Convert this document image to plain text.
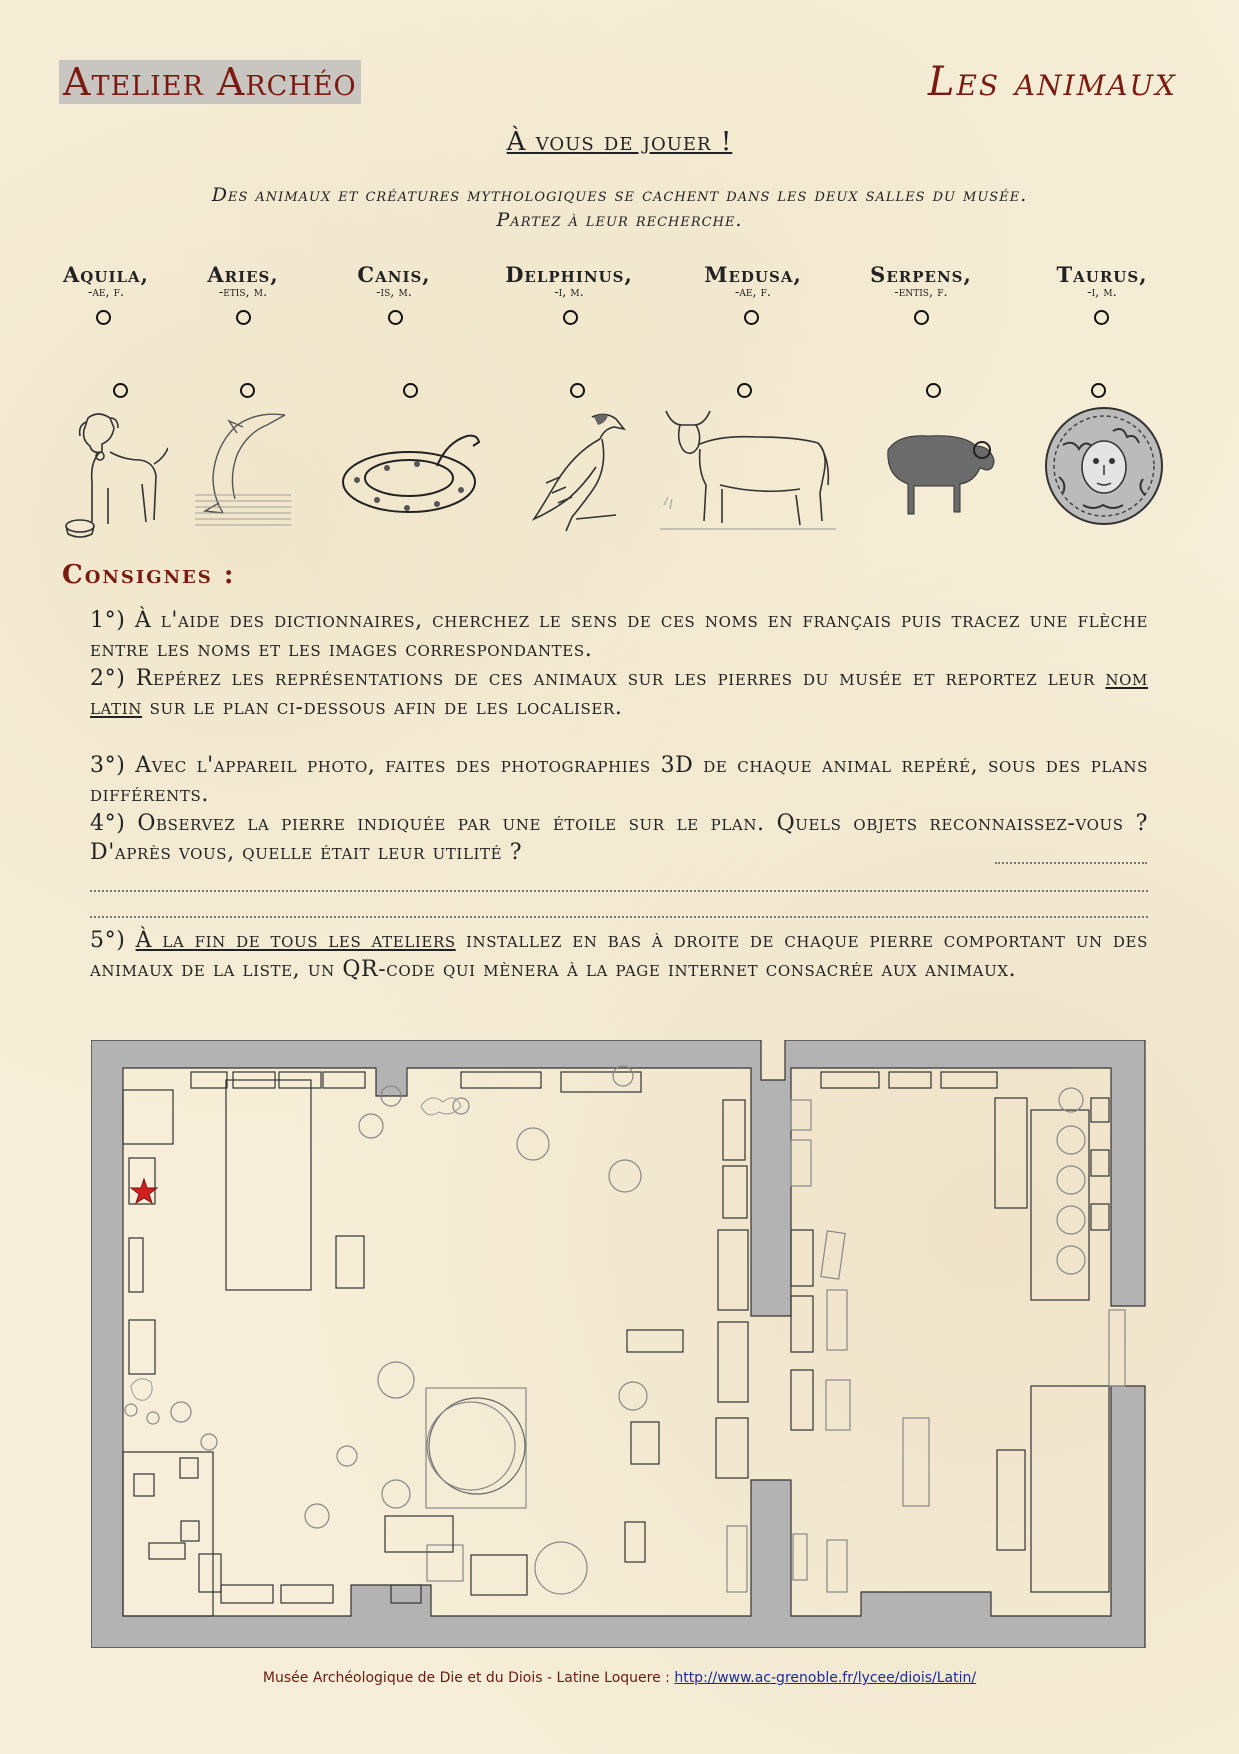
Atelier Archéo	Les animaux
À vous de jouer !
Des animaux et créatures mythologiques se cachent dans les deux salles du musée.
Partez à leur recherche.
Aquila,
-ae, f.
Aries,
-etis, m.
Canis,
-is, m.
Delphinus,
-i, m.
Medusa,
-ae, f.
Serpens,
-entis, f.
Taurus,
-i, m.
Consignes :
1°) À l'aide des dictionnaires, cherchez le sens de ces noms en français puis tracez une flèche entre les noms et les images correspondantes.
2°) Repérez les représentations de ces animaux sur les pierres du musée et reportez leur nom latin sur le plan ci-dessous afin de les localiser.
3°) Avec l'appareil photo, faites des photographies 3D de chaque animal repéré, sous des plans différents.
4°) Observez la pierre indiquée par une étoile sur le plan. Quels objets reconnaissez-vous ? D'après vous, quelle était leur utilité ?
5°) À la fin de tous les ateliers installez en bas à droite de chaque pierre comportant un des animaux de la liste, un QR-code qui mènera à la page internet consacrée aux animaux.
Musée Archéologique de Die et du Diois - Latine Loquere : http://www.ac-grenoble.fr/lycee/diois/Latin/
